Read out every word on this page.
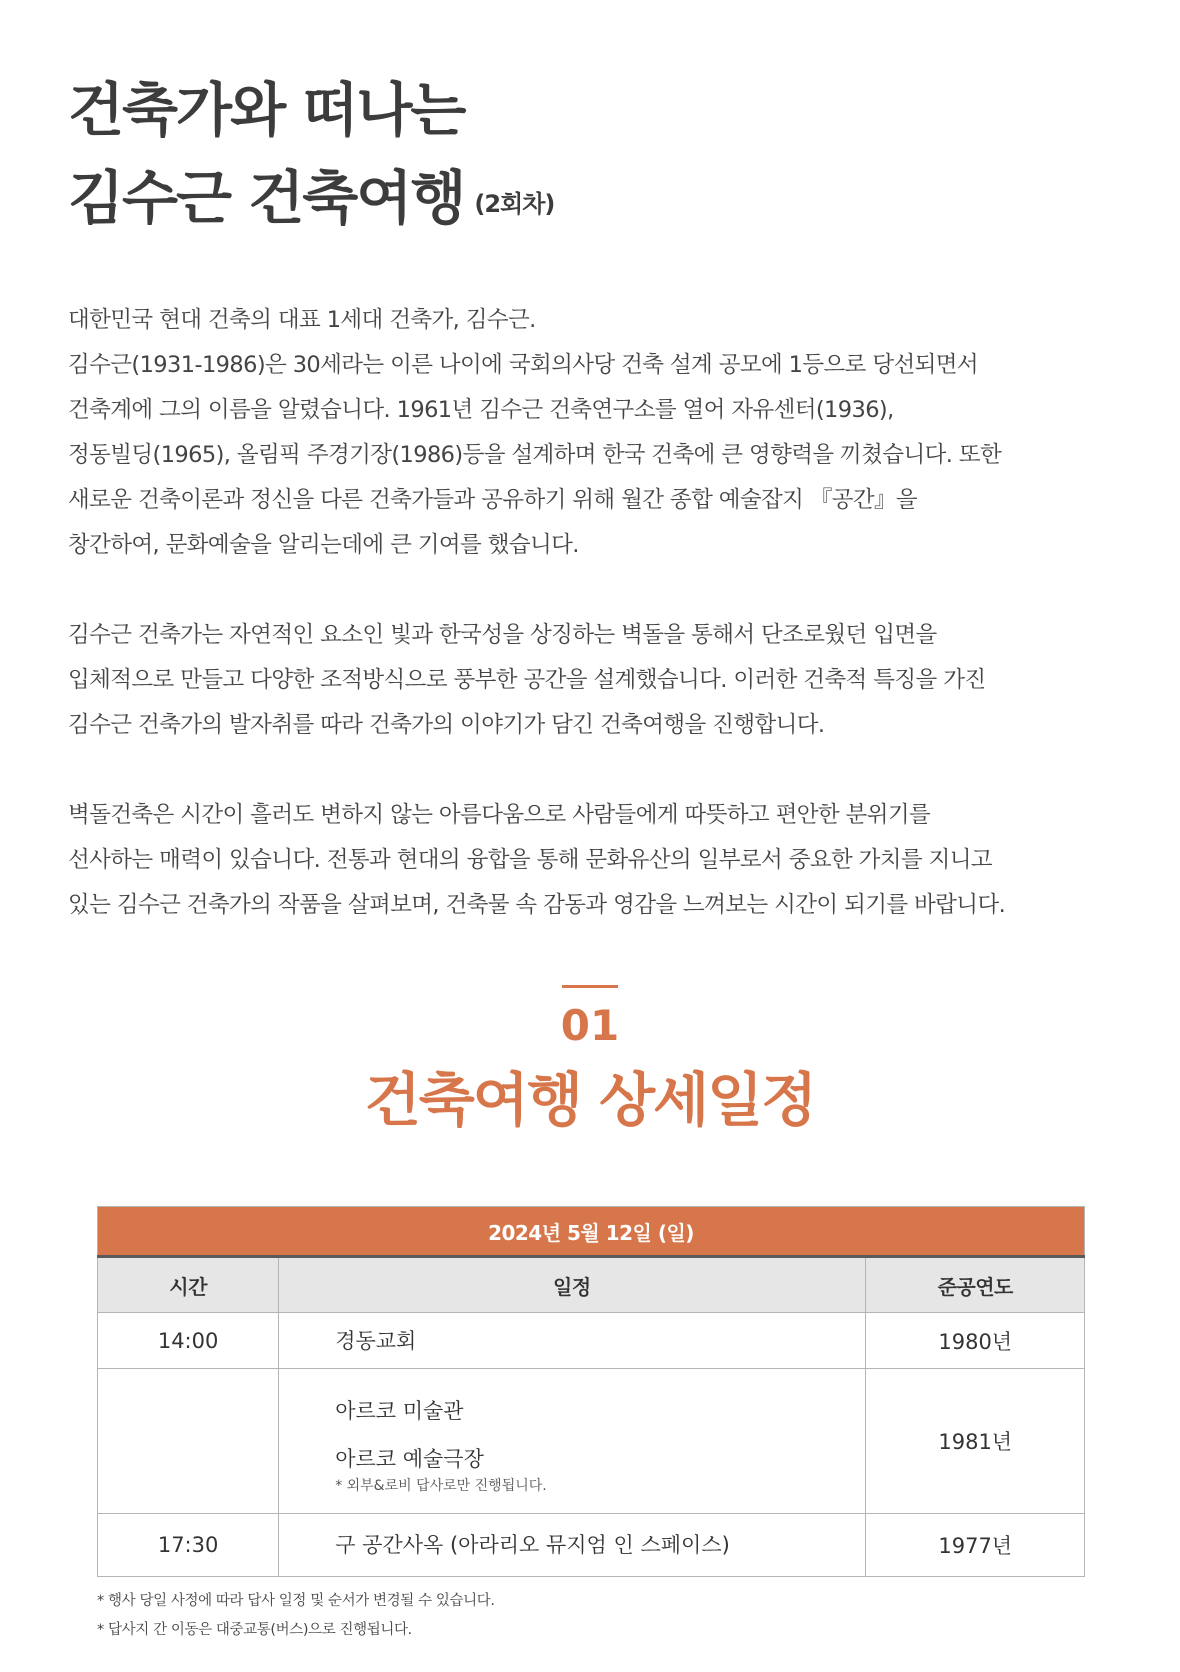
건축가와 떠나는
김수근 건축여행 (2회차)

대한민국 현대 건축의 대표 1세대 건축가, 김수근.
김수근(1931-1986)은 30세라는 이른 나이에 국회의사당 건축 설계 공모에 1등으로 당선되면서
건축계에 그의 이름을 알렸습니다. 1961년 김수근 건축연구소를 열어 자유센터(1936),
정동빌딩(1965), 올림픽 주경기장(1986)등을 설계하며 한국 건축에 큰 영향력을 끼쳤습니다. 또한
새로운 건축이론과 정신을 다른 건축가들과 공유하기 위해 월간 종합 예술잡지 『공간』을
창간하여, 문화예술을 알리는데에 큰 기여를 했습니다.

김수근 건축가는 자연적인 요소인 빛과 한국성을 상징하는 벽돌을 통해서 단조로웠던 입면을
입체적으로 만들고 다양한 조적방식으로 풍부한 공간을 설계했습니다. 이러한 건축적 특징을 가진
김수근 건축가의 발자취를 따라 건축가의 이야기가 담긴 건축여행을 진행합니다.

벽돌건축은 시간이 흘러도 변하지 않는 아름다움으로 사람들에게 따뜻하고 편안한 분위기를
선사하는 매력이 있습니다. 전통과 현대의 융합을 통해 문화유산의 일부로서 중요한 가치를 지니고
있는 김수근 건축가의 작품을 살펴보며, 건축물 속 감동과 영감을 느껴보는 시간이 되기를 바랍니다.

01
건축여행 상세일정
2024년 5월 12일 (일)		
시간	일정	준공연도
14:00	경동교회	1980년

	아르코 미술관
아르코 예술극장
* 외부&로비 답사로만 진행됩니다.	1981년
17:30	구 공간사옥 (아라리오 뮤지엄 인 스페이스)	1977년
* 행사 당일 사정에 따라 답사 일정 및 순서가 변경될 수 있습니다.
* 답사지 간 이동은 대중교통(버스)으로 진행됩니다.
